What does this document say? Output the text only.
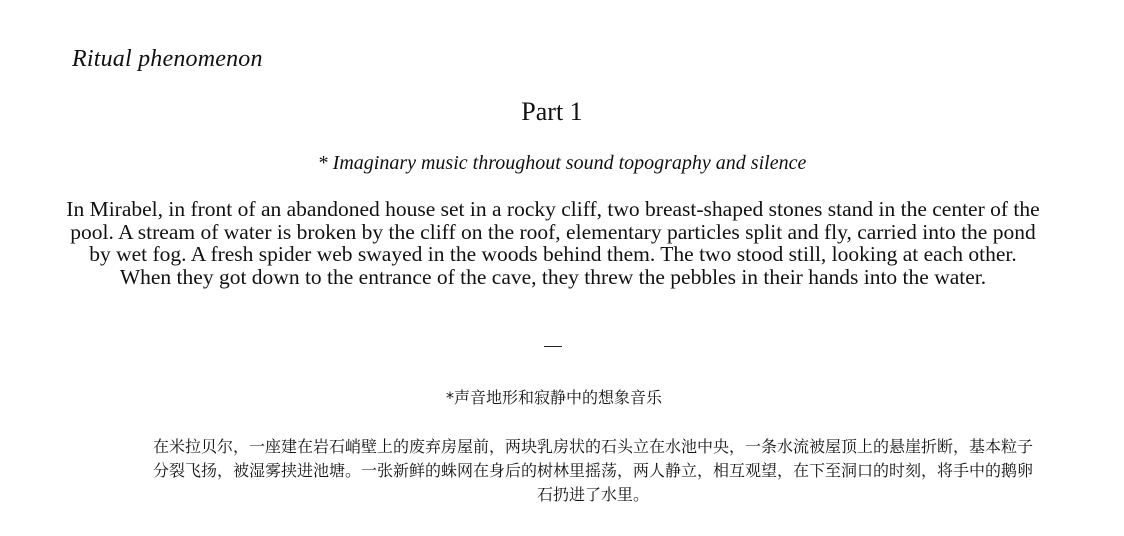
Ritual phenomenon
Part 1
* Imaginary music throughout sound topography and silence

In Mirabel, in front of an abandoned house set in a rocky cliff, two breast-shaped stones stand in the center of the pool. A stream of water is broken by the cliff on the roof, elementary particles split and fly, carried into the pond by wet fog. A fresh spider web swayed in the woods behind them. The two stood still, looking at each other. When they got down to the entrance of the cave, they threw the pebbles in their hands into the water.

*声音地形和寂静中的想象音乐

在米拉贝尔，一座建在岩石峭壁上的废弃房屋前，两块乳房状的石头立在水池中央，一条水流被屋顶上的悬崖折断，基本粒子分裂飞扬，被湿雾挟进池塘。一张新鲜的蛛网在身后的树林里摇荡，两人静立，相互观望，在下至洞口的时刻，将手中的鹅卵石扔进了水里。
